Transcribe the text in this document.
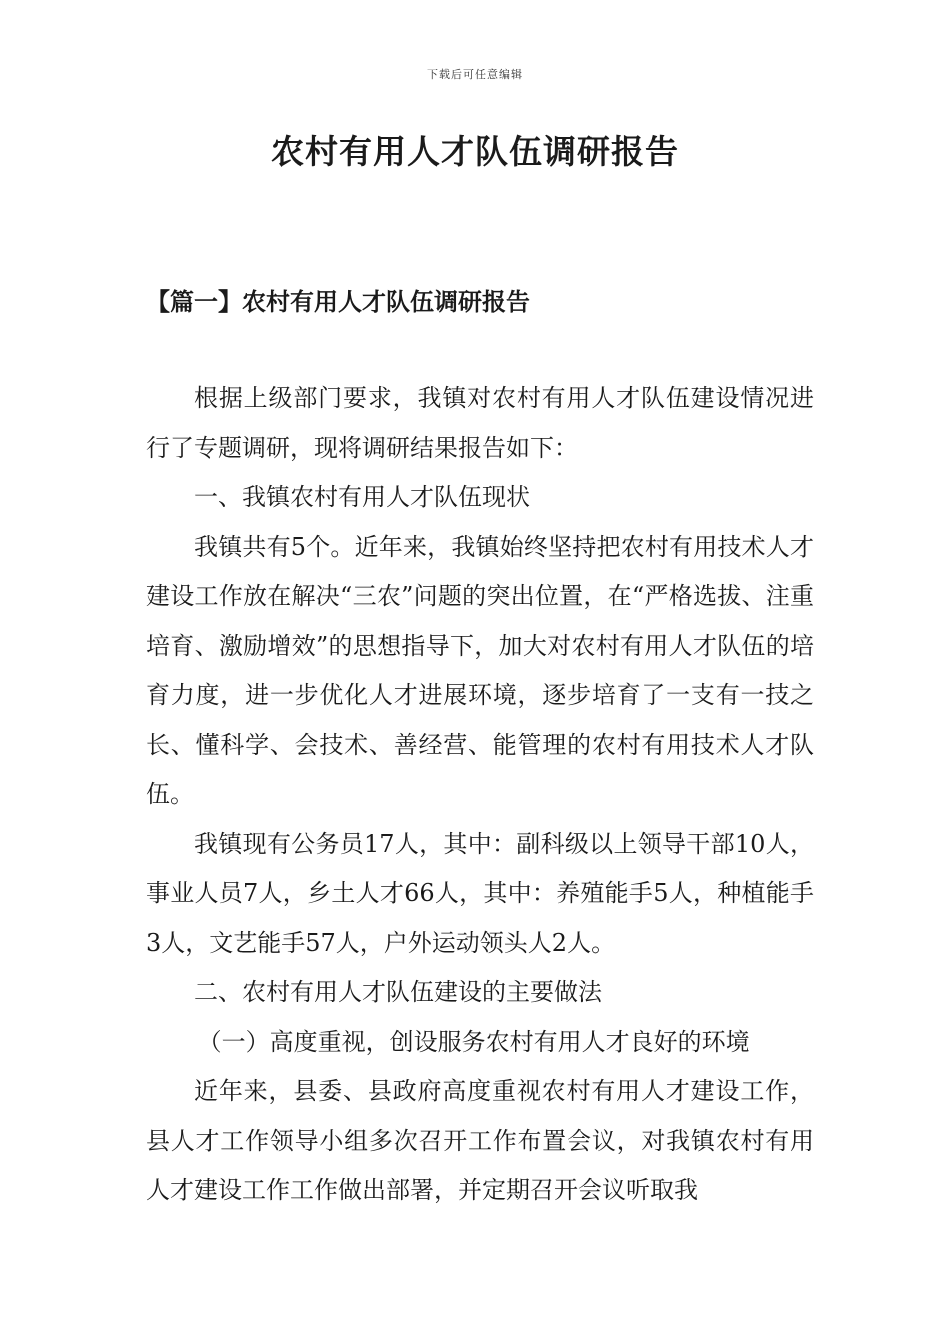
下载后可任意编辑
农村有用人才队伍调研报告
【篇一】农村有用人才队伍调研报告

根据上级部门要求，我镇对农村有用人才队伍建设情况进行了专题调研，现将调研结果报告如下：

一、我镇农村有用人才队伍现状

我镇共有5个。近年来，我镇始终坚持把农村有用技术人才建设工作放在解决“三农”问题的突出位置，在“严格选拔、注重培育、激励增效”的思想指导下，加大对农村有用人才队伍的培育力度，进一步优化人才进展环境，逐步培育了一支有一技之长、懂科学、会技术、善经营、能管理的农村有用技术人才队伍。

我镇现有公务员17人，其中：副科级以上领导干部10人，事业人员7人，乡土人才66人，其中：养殖能手5人，种植能手3人，文艺能手57人，户外运动领头人2人。

二、农村有用人才队伍建设的主要做法

（一）高度重视，创设服务农村有用人才良好的环境

近年来，县委、县政府高度重视农村有用人才建设工作，县人才工作领导小组多次召开工作布置会议，对我镇农村有用人才建设工作工作做出部署，并定期召开会议听取我
